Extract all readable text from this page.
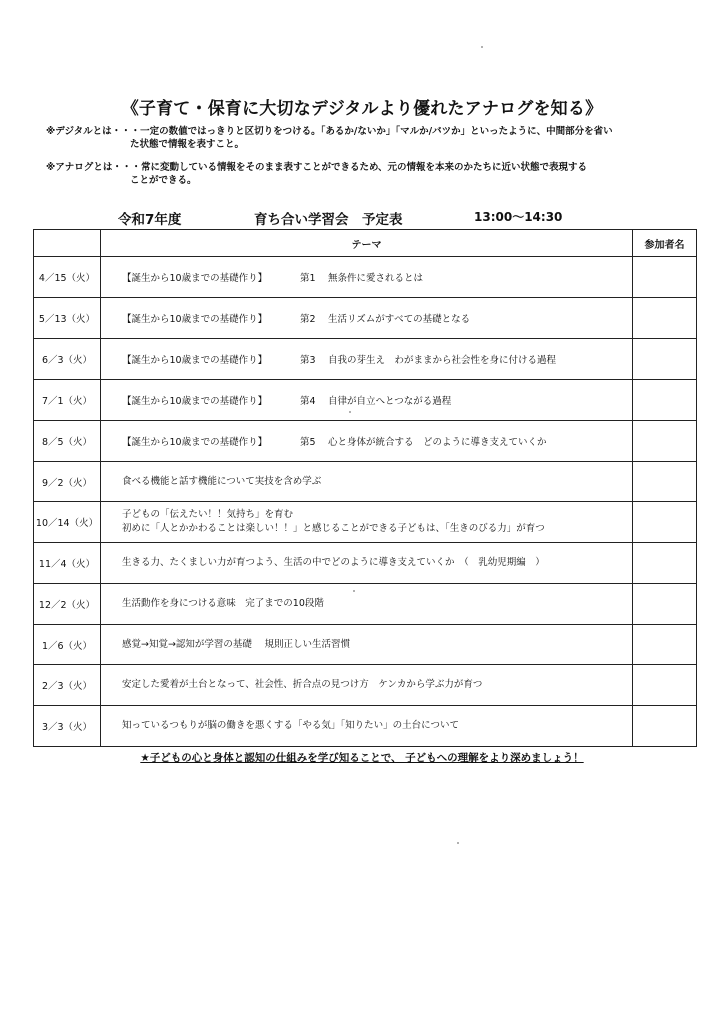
《子育て・保育に大切なデジタルより優れたアナログを知る》
※デジタルとは・・・一定の数値ではっきりと区切りをつける。「あるか/ないか」「マルか/バツか」といったように、中間部分を省い
た状態で情報を表すこと。
※アナログとは・・・常に変動している情報をそのまま表すことができるため、元の情報を本来のかたちに近い状態で表現する
ことができる。
令和7年度	育ち合い学習会　予定表	13:00～14:30
	テーマ	参加者名
4／15（火）	【誕生から10歳までの基礎作り】 第1 無条件に愛されるとは	
5／13（火）	【誕生から10歳までの基礎作り】 第2 生活リズムがすべての基礎となる	
6／3（火）	【誕生から10歳までの基礎作り】 第3 自我の芽生え　わがままから社会性を身に付ける過程	
7／1（火）	【誕生から10歳までの基礎作り】 第4 自律が自立へとつながる過程	
8／5（火）	【誕生から10歳までの基礎作り】 第5 心と身体が統合する　どのように導き支えていくか	
9／2（火）	食べる機能と話す機能について実技を含め学ぶ	

10／14（火）	子どもの「伝えたい！！気持ち」を育む
初めに「人とかかわることは楽しい！！」と感じることができる子どもは、「生きのびる力」が育つ	

11／4（火）	生きる力、たくましい力が育つよう、生活の中でどのように導き支えていくか　（　乳幼児期編　）	

12／2（火）	生活動作を身につける意味　完了までの10段階	

1／6（火）	感覚→知覚→認知が学習の基礎　 規則正しい生活習慣	

2／3（火）	安定した愛着が土台となって、社会性、折合点の見つけ方　ケンカから学ぶ力が育つ	

3／3（火）	知っているつもりが脳の働きを悪くする「やる気」「知りたい」の土台について	

★子どもの心と身体と認知の仕組みを学び知ることで、 子どもへの理解をより深めましょう！
